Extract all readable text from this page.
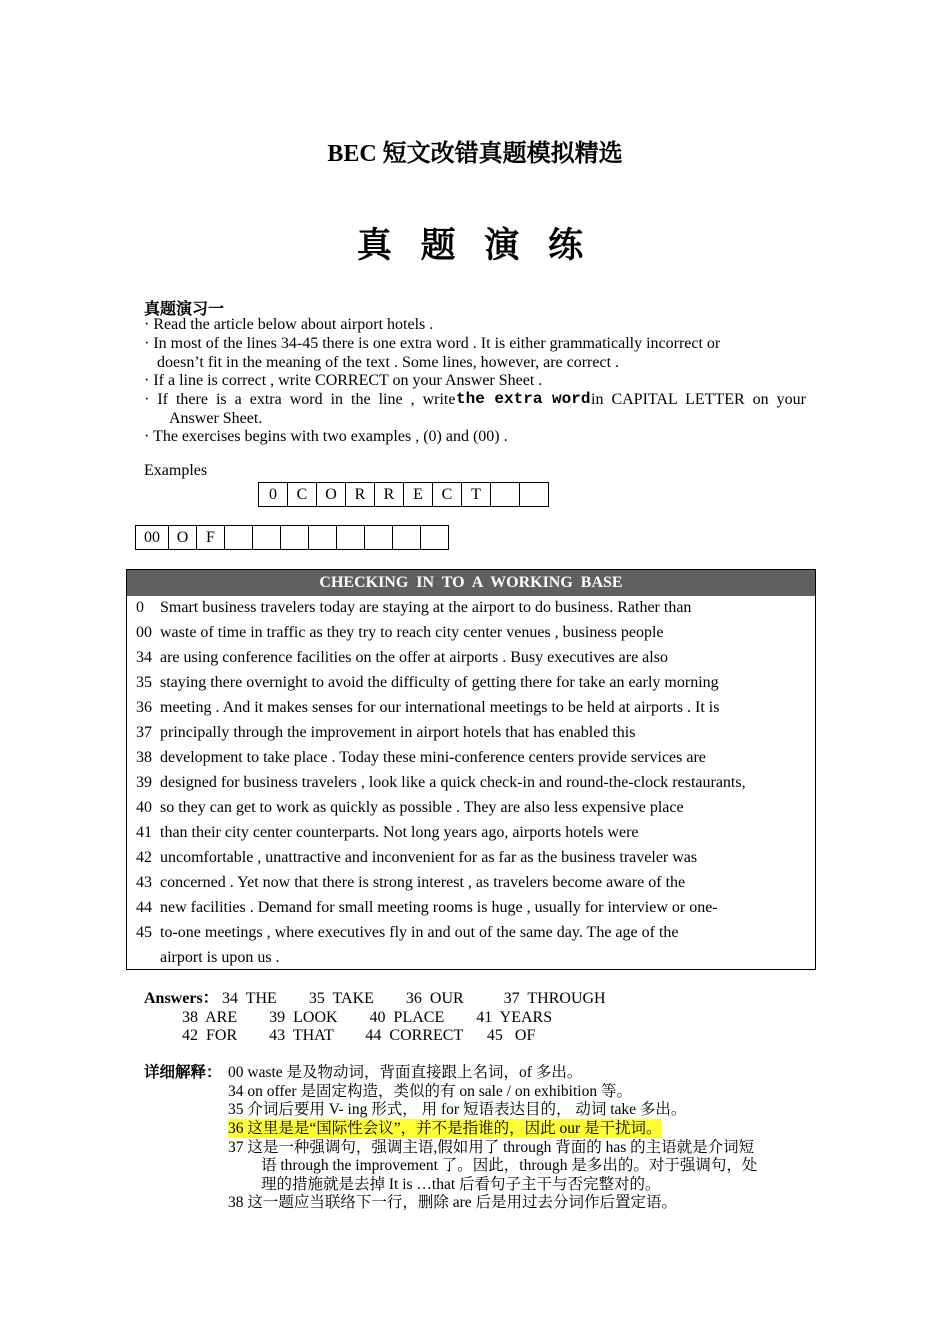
BEC 短文改错真题模拟精选
真 题 演 练
真题演习一
· Read the article below about airport hotels .
· In most of the lines 34-45 there is one extra word . It is either grammatically incorrect or
doesn’t fit in the meaning of the text . Some lines, however, are correct .
· If a line is correct , write CORRECT on your Answer Sheet .
·  If  there  is  a  extra  word  in  the  line  ,  write the extra word in  CAPITAL  LETTER  on  your
Answer Sheet.
· The exercises begins with two examples , (0) and (00) .
Examples
0	C	O	R	R	E	C	T		
00	O	F								
CHECKING IN TO A WORKING BASE
0 Smart business travelers today are staying at the airport to do business. Rather than
00 waste of time in traffic as they try to reach city center venues , business people
34 are using conference facilities on the offer at airports . Busy executives are also
35 staying there overnight to avoid the difficulty of getting there for take an early morning
36 meeting . And it makes senses for our international meetings to be held at airports . It is
37 principally through the improvement in airport hotels that has enabled this
38 development to take place . Today these mini-conference centers provide services are
39 designed for business travelers , look like a quick check-in and round-the-clock restaurants,
40 so they can get to work as quickly as possible . They are also less expensive place
41 than their city center counterparts. Not long years ago, airports hotels were
42 uncomfortable , unattractive and inconvenient for as far as the business traveler was
43 concerned . Yet now that there is strong interest , as travelers become aware of the
44 new facilities . Demand for small meeting rooms is huge , usually for interview or one-
45 to-one meetings , where executives fly in and out of the same day. The age of the
airport is upon us .
Answers： 34  THE        35  TAKE        36  OUR          37  THROUGH
38  ARE        39  LOOK        40  PLACE        41  YEARS
42  FOR        43  THAT        44  CORRECT      45   OF
详细解释： 00 waste 是及物动词，背面直接跟上名词，of 多出。
34 on offer 是固定构造，类似的有 on sale / on exhibition 等。
35 介词后要用 V- ing 形式， 用 for 短语表达目的， 动词 take 多出。
36 这里是是“国际性会议”，并不是指谁的，因此 our 是干扰词。
37 这是一种强调句，强调主语,假如用了 through 背面的 has 的主语就是介词短
语 through the improvement 了。因此，through 是多出的。对于强调句，处
理的措施就是去掉 It is …that 后看句子主干与否完整对的。
38 这一题应当联络下一行，删除 are 后是用过去分词作后置定语。
